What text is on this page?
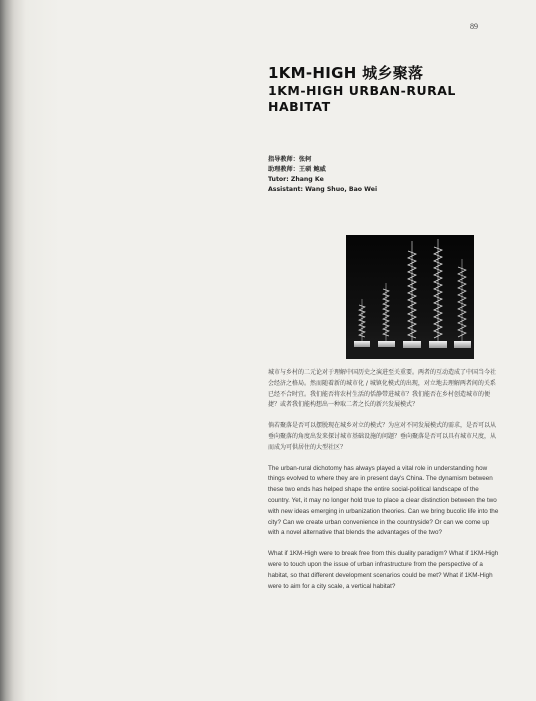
89
1KM-HIGH 城乡聚落
1KM-HIGH URBAN-RURAL HABITAT
指导教师：张轲
助理教师：王硕 鲍威
Tutor: Zhang Ke
Assistant: Wang Shuo, Bao Wei

城市与乡村的二元论对于理解中国历史之演进至关重要。两者的互动造成了中国当今社会经济之格局。然而随着新的城市化 / 城镇化模式的出现，对立地去理解两者间的关系已经不合时宜。我们能否将农村生活的恬静带进城市？我们能否在乡村创造城市的便捷？或者我们能构想出一种取二者之长的新兴发展模式？

倘若聚落是否可以摆脱现在城乡对立的模式？为应对不同发展模式的需求，是否可以从垂向聚落的角度出发来探讨城市基础设施的问题？垂向聚落是否可以具有城市尺度，从而成为可供居住的大型社区？

The urban-rural dichotomy has always played a vital role in understanding how things evolved to where they are in present day's China. The dynamism between these two ends has helped shape the entire social-political landscape of the country. Yet, it may no longer hold true to place a clear distinction between the two with new ideas emerging in urbanization theories. Can we bring bucolic life into the city? Can we create urban convenience in the countryside? Or can we come up with a novel alternative that blends the advantages of the two?

What if 1KM-High were to break free from this duality paradigm? What if 1KM-High were to touch upon the issue of urban infrastructure from the perspective of a habitat, so that different development scenarios could be met? What if 1KM-High were to aim for a city scale, a vertical habitat?
